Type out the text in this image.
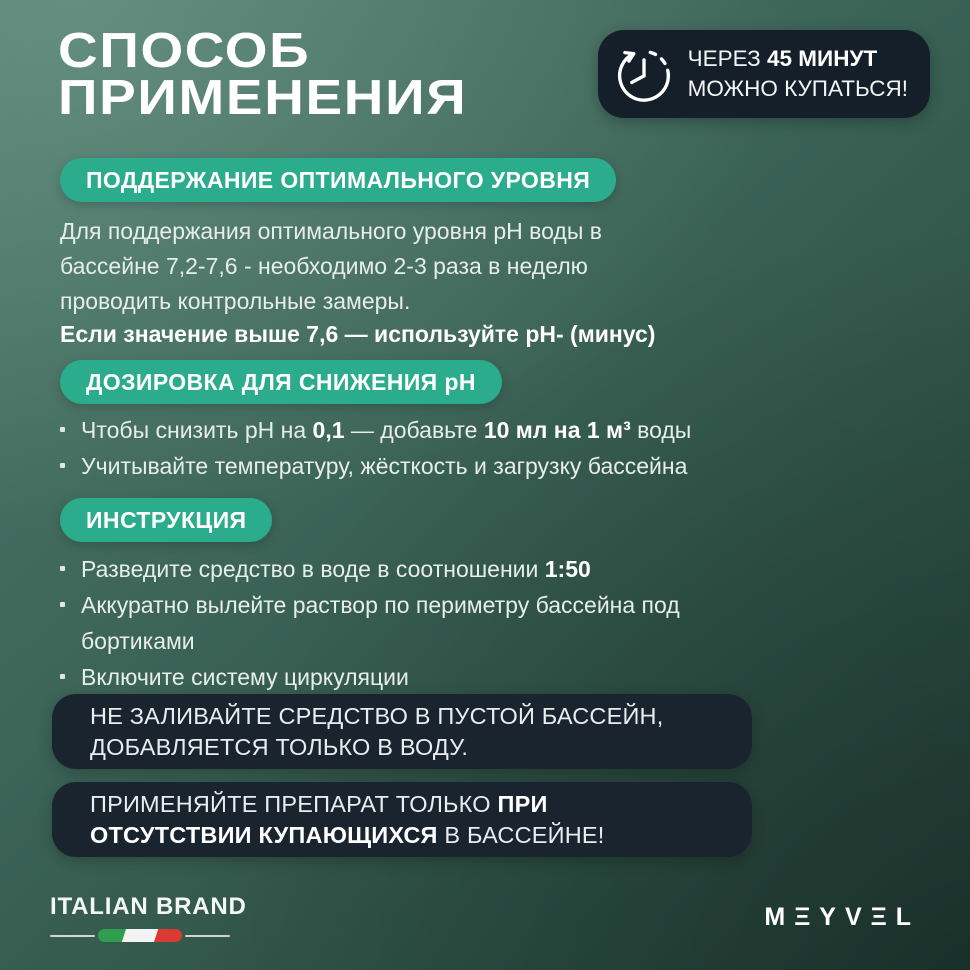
СПОСОБ
ПРИМЕНЕНИЯ
ЧЕРЕЗ 45 МИНУТ
МОЖНО КУПАТЬСЯ!
ПОДДЕРЖАНИЕ ОПТИМАЛЬНОГО УРОВНЯ
Для поддержания оптимального уровня pH воды в бассейне 7,2-7,6 - необходимо 2-3 раза в неделю проводить контрольные замеры.
Если значение выше 7,6 — используйте pH- (минус)
ДОЗИРОВКА ДЛЯ СНИЖЕНИЯ pH
Чтобы снизить pH на 0,1 — добавьте 10 мл на 1 м³ воды
Учитывайте температуру, жёсткость и загрузку бассейна
ИНСТРУКЦИЯ
Разведите средство в воде в соотношении 1:50
Аккуратно вылейте раствор по периметру бассейна под бортиками
Включите систему циркуляции
НЕ ЗАЛИВАЙТЕ СРЕДСТВО В ПУСТОЙ БАССЕЙН, ДОБАВЛЯЕТСЯ ТОЛЬКО В ВОДУ.
ПРИМЕНЯЙТЕ ПРЕПАРАТ ТОЛЬКО ПРИ ОТСУТСТВИИ КУПАЮЩИХСЯ В БАССЕЙНЕ!
ITALIAN BRAND	MΞYVΞL
